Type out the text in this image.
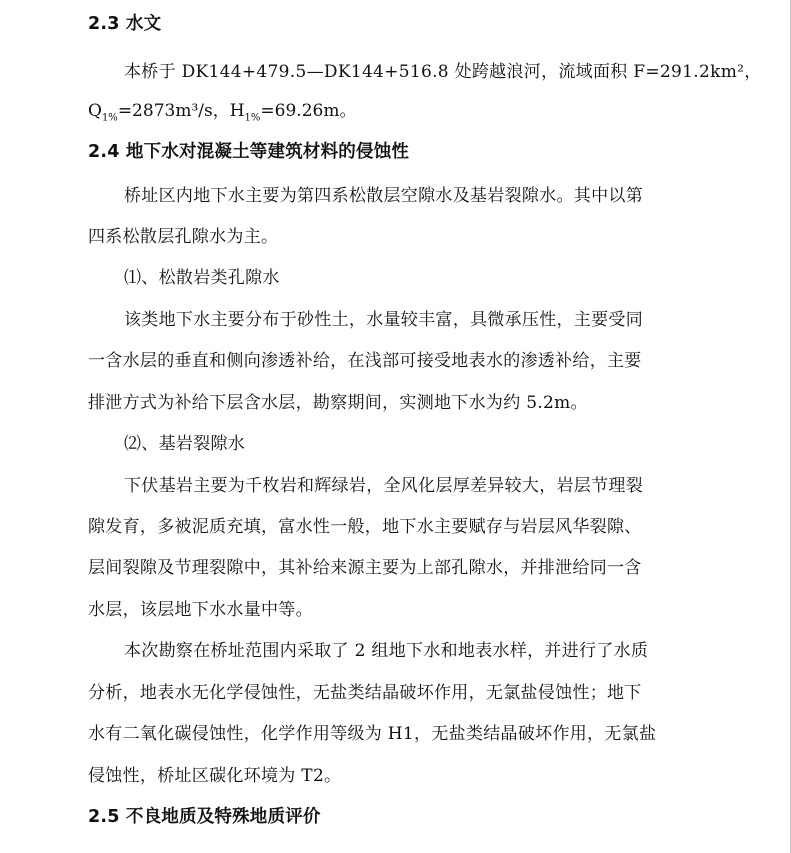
2.3 水文
本桥于 DK144+479.5—DK144+516.8 处跨越浪河，流域面积 F=291.2km²，
$Q_{1\%}=2873m^3/s$，$H_{1\%}=69.26m$。
2.4 地下水对混凝土等建筑材料的侵蚀性
桥址区内地下水主要为第四系松散层空隙水及基岩裂隙水。其中以第
四系松散层孔隙水为主。
⑴、松散岩类孔隙水
该类地下水主要分布于砂性土，水量较丰富，具微承压性，主要受同
一含水层的垂直和侧向渗透补给，在浅部可接受地表水的渗透补给，主要
排泄方式为补给下层含水层，勘察期间，实测地下水为约 5.2m。
⑵、基岩裂隙水
下伏基岩主要为千枚岩和辉绿岩，全风化层厚差异较大，岩层节理裂
隙发育，多被泥质充填，富水性一般，地下水主要赋存与岩层风华裂隙、
层间裂隙及节理裂隙中，其补给来源主要为上部孔隙水，并排泄给同一含
水层，该层地下水水量中等。
本次勘察在桥址范围内采取了 2 组地下水和地表水样，并进行了水质
分析，地表水无化学侵蚀性，无盐类结晶破坏作用，无氯盐侵蚀性；地下
水有二氧化碳侵蚀性，化学作用等级为 H1，无盐类结晶破坏作用，无氯盐
侵蚀性，桥址区碳化环境为 T2。
2.5 不良地质及特殊地质评价
